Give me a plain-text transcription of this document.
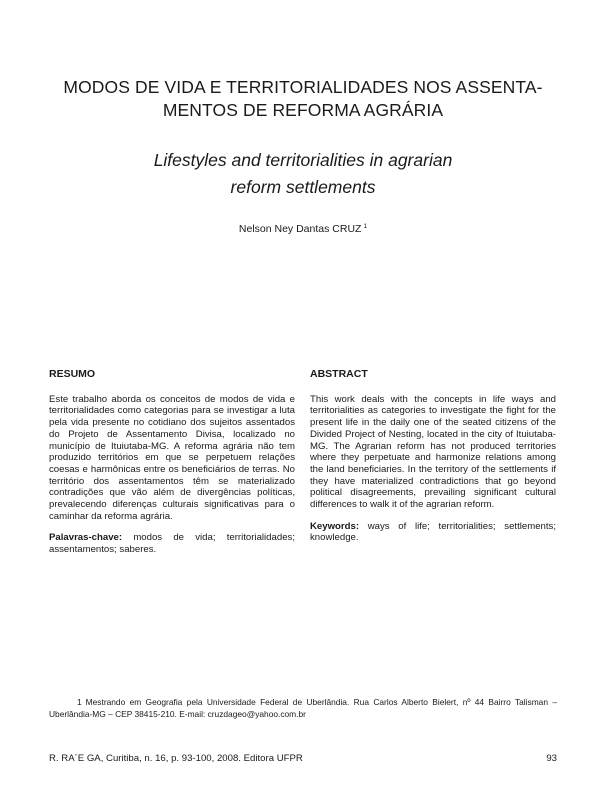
MODOS DE VIDA E TERRITORIALIDADES NOS ASSENTA-
MENTOS DE REFORMA AGRÁRIA
Lifestyles and territorialities in agrarian
reform settlements
Nelson Ney Dantas CRUZ $^1$
RESUMO

Este trabalho aborda os conceitos de modos de vida e territorialidades como categorias para se investigar a luta pela vida presente no cotidiano dos sujeitos assentados do Projeto de Assentamento Divisa, localizado no município de Ituiutaba-MG. A reforma agrária não tem produzido territórios em que se perpetuem relações coesas e harmônicas entre os beneficiários de terras. No território dos assentamentos têm se materializado contradições que vão além de divergências políticas, prevalecendo diferenças culturais significativas para o caminhar da reforma agrária.

Palavras-chave: modos de vida; territorialidades; assentamentos; saberes.

ABSTRACT

This work deals with the concepts in life ways and territorialities as categories to investigate the fight for the present life in the daily one of the seated citizens of the Divided Project of Nesting, located in the city of Ituiutaba-MG. The Agrarian reform has not produced territories where they perpetuate and harmonize relations among the land beneficiaries. In the territory of the settlements if they have materialized contradictions that go beyond political disagreements, prevailing significant cultural differences to walk it of the agrarian reform.

Keywords: ways of life; territorialities; settlements; knowledge.

1 Mestrando em Geografia pela Universidade Federal de Uberlândia. Rua Carlos Alberto Bielert, nº 44 Bairro Talisman – Uberlândia-MG – CEP 38415-210. E-mail: cruzdageo@yahoo.com.br
R. RA´E GA, Curitiba, n. 16, p. 93-100, 2008. Editora UFPR	93
